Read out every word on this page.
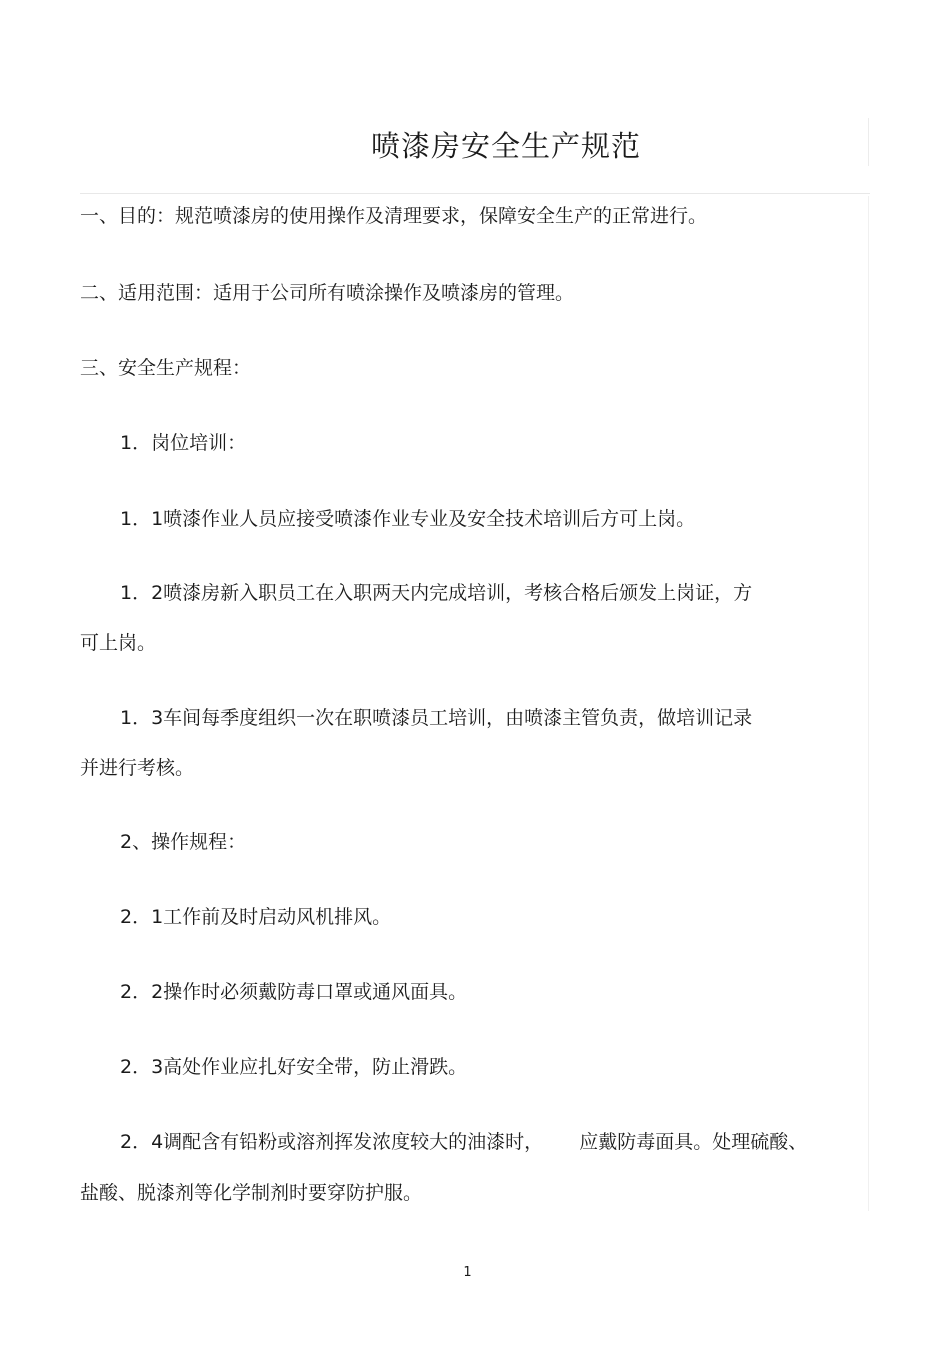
喷漆房安全生产规范
一、目的：规范喷漆房的使用操作及清理要求，保障安全生产的正常进行。
二、适用范围：适用于公司所有喷涂操作及喷漆房的管理。
三、安全生产规程：
1．岗位培训：
1．1喷漆作业人员应接受喷漆作业专业及安全技术培训后方可上岗。
1．2喷漆房新入职员工在入职两天内完成培训，考核合格后颁发上岗证，方
可上岗。
1．3车间每季度组织一次在职喷漆员工培训，由喷漆主管负责，做培训记录
并进行考核。
2、操作规程：
2．1工作前及时启动风机排风。
2．2操作时必须戴防毒口罩或通风面具。
2．3高处作业应扎好安全带，防止滑跌。
2．4调配含有铅粉或溶剂挥发浓度较大的油漆时， 应戴防毒面具。处理硫酸、
盐酸、脱漆剂等化学制剂时要穿防护服。
1
